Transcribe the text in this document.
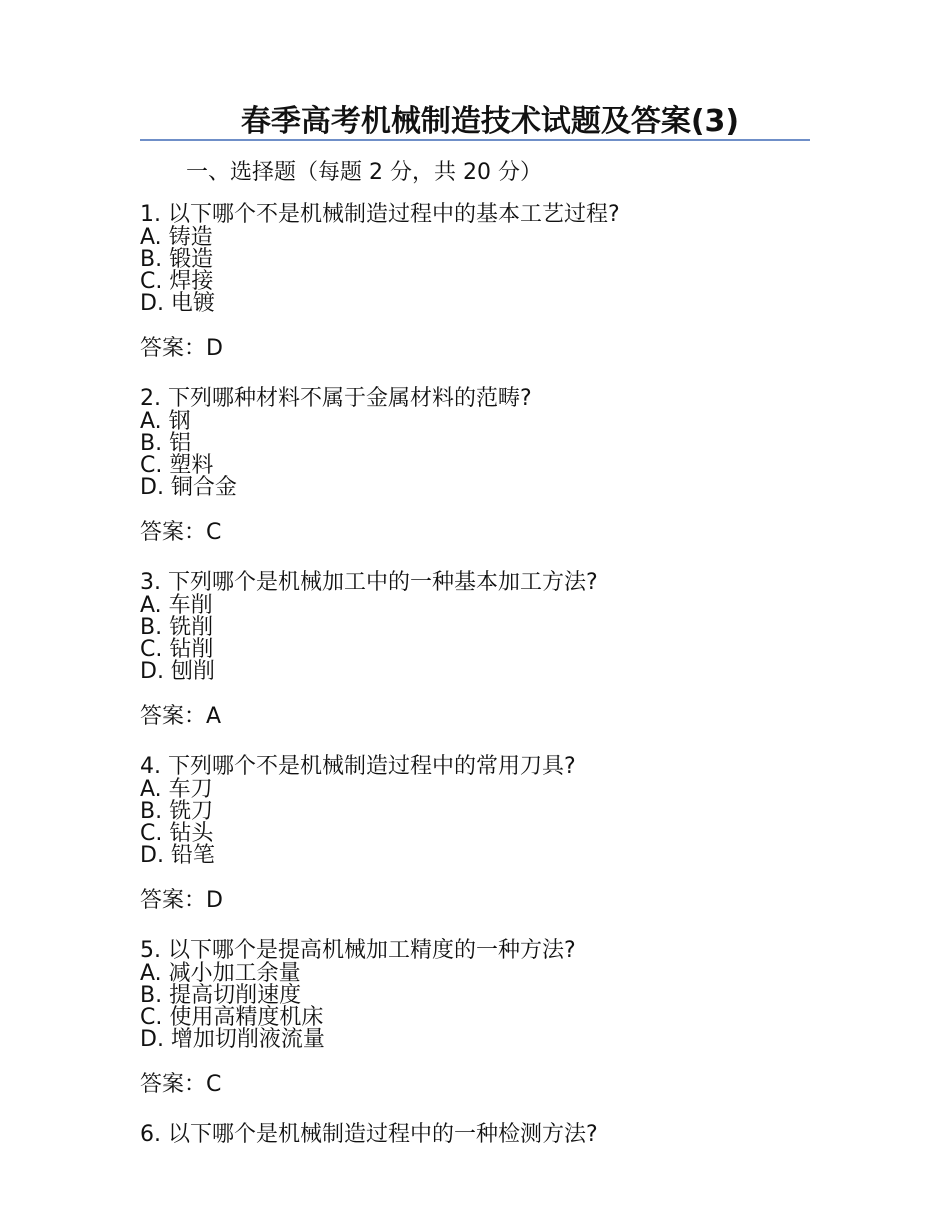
春季高考机械制造技术试题及答案(3)
一、选择题（每题 2 分，共 20 分）
1. 以下哪个不是机械制造过程中的基本工艺过程?
A. 铸造
B. 锻造
C. 焊接
D. 电镀
答案：D
2. 下列哪种材料不属于金属材料的范畴?
A. 钢
B. 铝
C. 塑料
D. 铜合金
答案：C
3. 下列哪个是机械加工中的一种基本加工方法?
A. 车削
B. 铣削
C. 钻削
D. 刨削
答案：A
4. 下列哪个不是机械制造过程中的常用刀具?
A. 车刀
B. 铣刀
C. 钻头
D. 铅笔
答案：D
5. 以下哪个是提高机械加工精度的一种方法?
A. 减小加工余量
B. 提高切削速度
C. 使用高精度机床
D. 增加切削液流量
答案：C
6. 以下哪个是机械制造过程中的一种检测方法?
